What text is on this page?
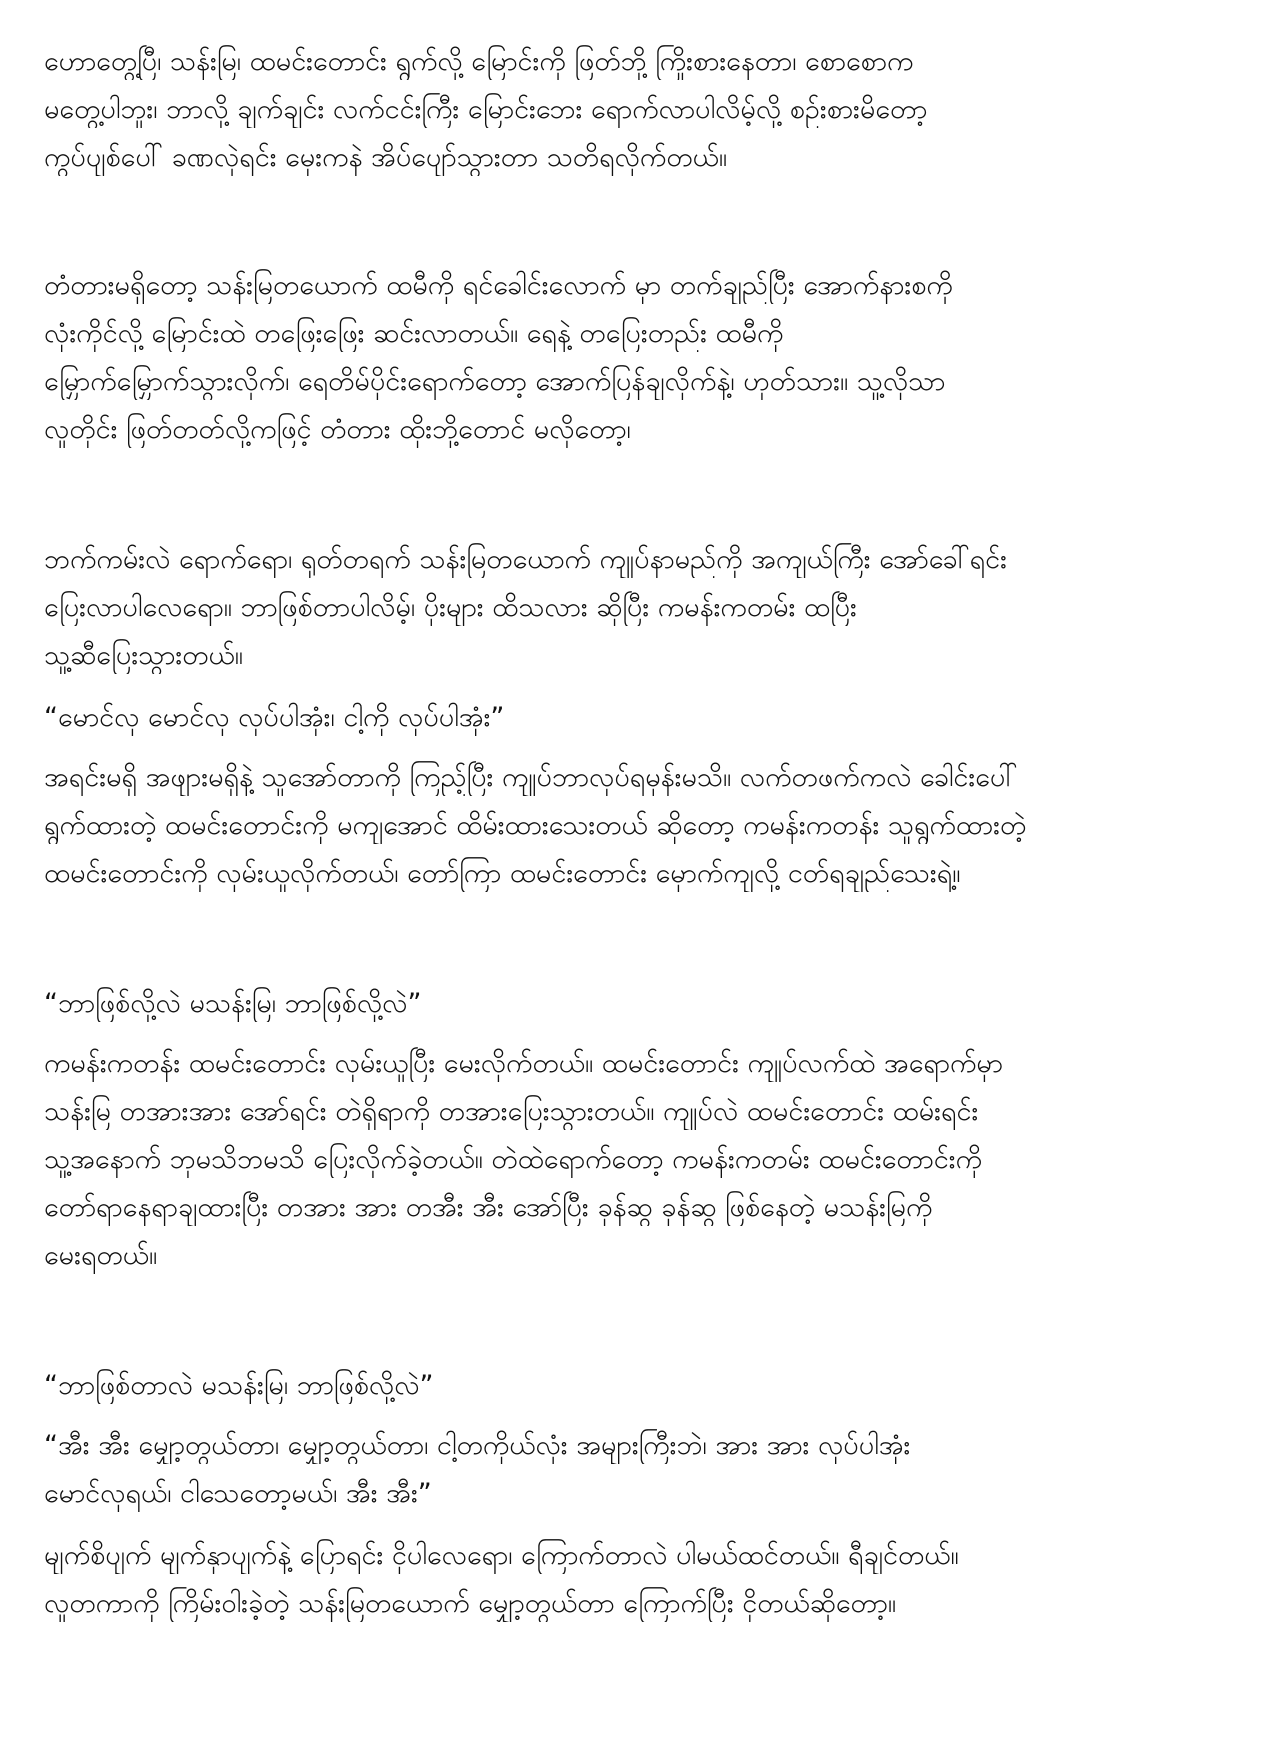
ဟောတွေ့ပြီ၊ သန်းမြ၊ ထမင်းတောင်း ရွက်လို့ မြောင်းကို ဖြတ်ဘို့ ကြိုးစားနေတာ၊ စောစောက
မတွေ့ပါဘူး၊ ဘာလို့ ချက်ချင်း လက်ငင်းကြီး မြောင်းဘေး ရောက်လာပါလိမ့်လို့ စဉ်းစားမိတော့
ကွပ်ပျစ်ပေါ် ခဏလှဲရင်း မှေးကနဲ အိပ်ပျော်သွားတာ သတိရလိုက်တယ်။
တံတားမရှိတော့ သန်းမြတယောက် ထမီကို ရင်ခေါင်းလောက် မှာ တက်ချည်ပြီး အောက်နားစကို
လုံးကိုင်လို့ မြောင်းထဲ တဖြေးဖြေး ဆင်းလာတယ်။ ရေနဲ့ တပြေးတည်း ထမီကို
မြှောက်မြှောက်သွားလိုက်၊ ရေတိမ်ပိုင်းရောက်တော့ အောက်ပြန်ချလိုက်နဲ့၊ ဟုတ်သား။ သူ့လိုသာ
လူတိုင်း ဖြတ်တတ်လို့ကဖြင့် တံတား ထိုးဘို့တောင် မလိုတော့၊
ဘက်ကမ်းလဲ ရောက်ရော၊ ရုတ်တရက် သန်းမြတယောက် ကျုပ်နာမည်ကို အကျယ်ကြီး အော်ခေါ်ရင်း
ပြေးလာပါလေရော။ ဘာဖြစ်တာပါလိမ့်၊ ပိုးများ ထိသလား ဆိုပြီး ကမန်းကတမ်း ထပြီး
သူ့ဆီပြေးသွားတယ်။
“မောင်လှ မောင်လှ လုပ်ပါအုံး၊ ငါ့ကို လုပ်ပါအုံး”
အရင်းမရှိ အဖျားမရှိနဲ့ သူအော်တာကို ကြည့်ပြီး ကျုပ်ဘာလုပ်ရမှန်းမသိ။ လက်တဖက်ကလဲ ခေါင်းပေါ်
ရွက်ထားတဲ့ ထမင်းတောင်းကို မကျအောင် ထိမ်းထားသေးတယ် ဆိုတော့ ကမန်းကတန်း သူရွက်ထားတဲ့
ထမင်းတောင်းကို လှမ်းယူလိုက်တယ်၊ တော်ကြာ ထမင်းတောင်း မှောက်ကျလို့ ငတ်ရချည်သေးရဲ့။
“ဘာဖြစ်လို့လဲ မသန်းမြ၊ ဘာဖြစ်လို့လဲ”
ကမန်းကတန်း ထမင်းတောင်း လှမ်းယူပြီး မေးလိုက်တယ်။ ထမင်းတောင်း ကျုပ်လက်ထဲ အရောက်မှာ
သန်းမြ တအားအား အော်ရင်း တဲရှိရာကို တအားပြေးသွားတယ်။ ကျုပ်လဲ ထမင်းတောင်း ထမ်းရင်း
သူ့အနောက် ဘုမသိဘမသိ ပြေးလိုက်ခဲ့တယ်။ တဲထဲရောက်တော့ ကမန်းကတမ်း ထမင်းတောင်းကို
တော်ရာနေရာချထားပြီး တအား အား တအီး အီး အော်ပြီး ခုန်ဆွ ခုန်ဆွ ဖြစ်နေတဲ့ မသန်းမြကို
မေးရတယ်။
“ဘာဖြစ်တာလဲ မသန်းမြ၊ ဘာဖြစ်လို့လဲ”
“အီး အီး မျှော့တွယ်တာ၊ မျှော့တွယ်တာ၊ ငါ့တကိုယ်လုံး အများကြီးဘဲ၊ အား အား လုပ်ပါအုံး
မောင်လှရယ်၊ ငါသေတော့မယ်၊ အီး အီး”
မျက်စိပျက် မျက်နှာပျက်နဲ့ ပြောရင်း ငိုပါလေရော၊ ကြောက်တာလဲ ပါမယ်ထင်တယ်။ ရီချင်တယ်။
လူတကာကို ကြိမ်းဝါးခဲ့တဲ့ သန်းမြတယောက် မျှော့တွယ်တာ ကြောက်ပြီး ငိုတယ်ဆိုတော့။
